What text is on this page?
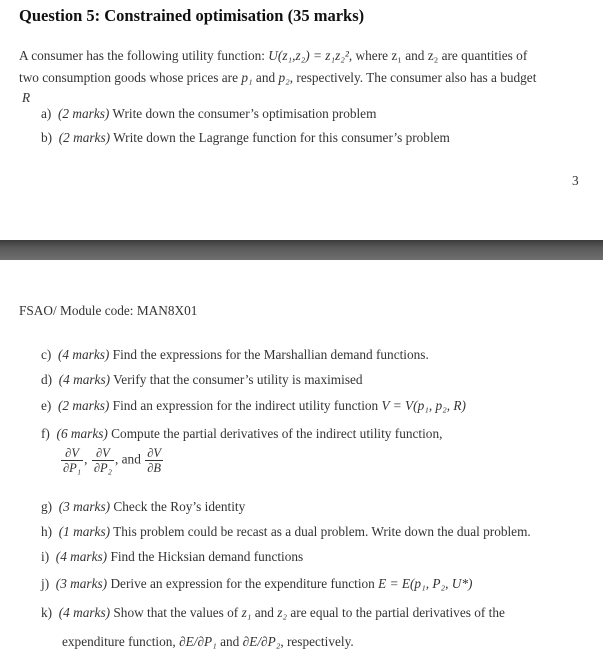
Question 5: Constrained optimisation (35 marks)
A consumer has the following utility function: U(z₁,z₂) = z₁z₂², where z₁ and z₂ are quantities of
two consumption goods whose prices are p₁ and p₂, respectively. The consumer also has a budget
R
a) (2 marks) Write down the consumer’s optimisation problem
b) (2 marks) Write down the Lagrange function for this consumer’s problem
3
FSAO/ Module code: MAN8X01
c) (4 marks) Find the expressions for the Marshallian demand functions.
d) (4 marks) Verify that the consumer’s utility is maximised
e) (2 marks) Find an expression for the indirect utility function V = V(p₁, p₂, R)
f) (6 marks) Compute the partial derivatives of the indirect utility function,
$\frac{\partial V}{\text{∂P₁}}$ , $\frac{\partial V}{\text{∂P₂}}$ , and $\frac{\partial V}{\partial B}$
g) (3 marks) Check the Roy’s identity
h) (1 marks) This problem could be recast as a dual problem. Write down the dual problem.
i) (4 marks) Find the Hicksian demand functions
j) (3 marks) Derive an expression for the expenditure function E = E(p₁, P₂, U*)
k) (4 marks) Show that the values of z₁ and z₂ are equal to the partial derivatives of the
expenditure function, ∂E/∂P₁ and ∂E/∂P₂, respectively.
